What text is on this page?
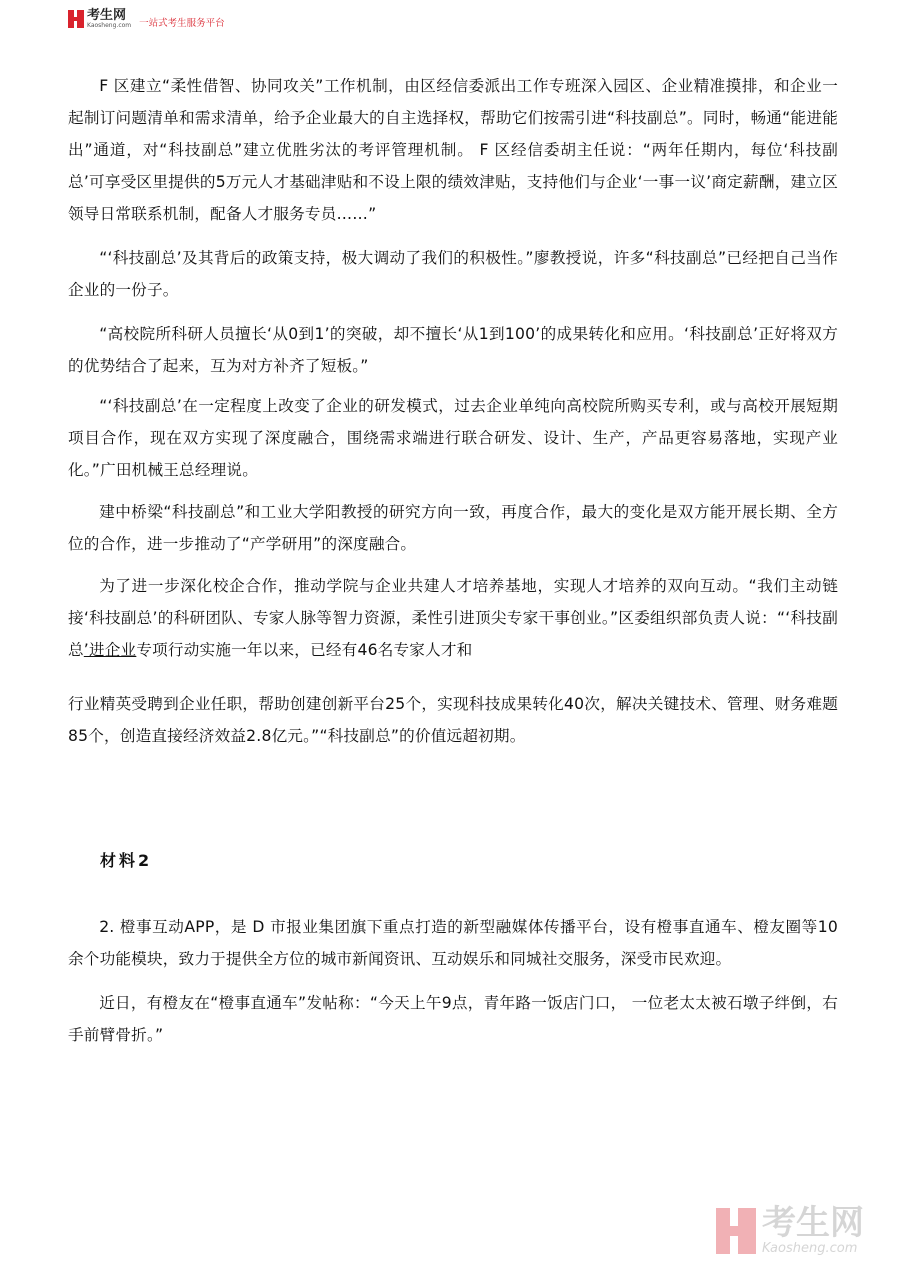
考生网
Kaosheng.com 一站式考生服务平台

F 区建立“柔性借智、协同攻关”工作机制，由区经信委派出工作专班深入园区、企业精准摸排，和企业一起制订问题清单和需求清单，给予企业最大的自主选择权，帮助它们按需引进“科技副总”。同时，畅通“能进能出”通道，对“科技副总”建立优胜劣汰的考评管理机制。 F 区经信委胡主任说：“两年任期内，每位‘科技副总’可享受区里提供的5万元人才基础津贴和不设上限的绩效津贴，支持他们与企业‘一事一议’商定薪酬，建立区领导日常联系机制，配备人才服务专员……”

“‘科技副总’及其背后的政策支持，极大调动了我们的积极性。”廖教授说，许多“科技副总”已经把自己当作企业的一份子。

“高校院所科研人员擅长‘从0到1’的突破，却不擅长‘从1到100’的成果转化和应用。‘科技副总’正好将双方的优势结合了起来，互为对方补齐了短板。”

“‘科技副总’在一定程度上改变了企业的研发模式，过去企业单纯向高校院所购买专利，或与高校开展短期项目合作，现在双方实现了深度融合，围绕需求端进行联合研发、设计、生产，产品更容易落地，实现产业化。”广田机械王总经理说。

建中桥梁“科技副总”和工业大学阳教授的研究方向一致，再度合作，最大的变化是双方能开展长期、全方位的合作，进一步推动了“产学研用”的深度融合。

为了进一步深化校企合作，推动学院与企业共建人才培养基地，实现人才培养的双向互动。“我们主动链接‘科技副总’的科研团队、专家人脉等智力资源，柔性引进顶尖专家干事创业。”区委组织部负责人说：“‘科技副总’进企业专项行动实施一年以来，已经有46名专家人才和

行业精英受聘到企业任职，帮助创建创新平台25个，实现科技成果转化40次，解决关键技术、管理、财务难题85个，创造直接经济效益2.8亿元。”“科技副总”的价值远超初期。

材料2

2. 橙事互动APP，是 D 市报业集团旗下重点打造的新型融媒体传播平台，设有橙事直通车、橙友圈等10余个功能模块，致力于提供全方位的城市新闻资讯、互动娱乐和同城社交服务，深受市民欢迎。

近日，有橙友在“橙事直通车”发帖称：“今天上午9点，青年路一饭店门口， 一位老太太被石墩子绊倒，右手前臂骨折。”

考生网
Kaosheng.com
